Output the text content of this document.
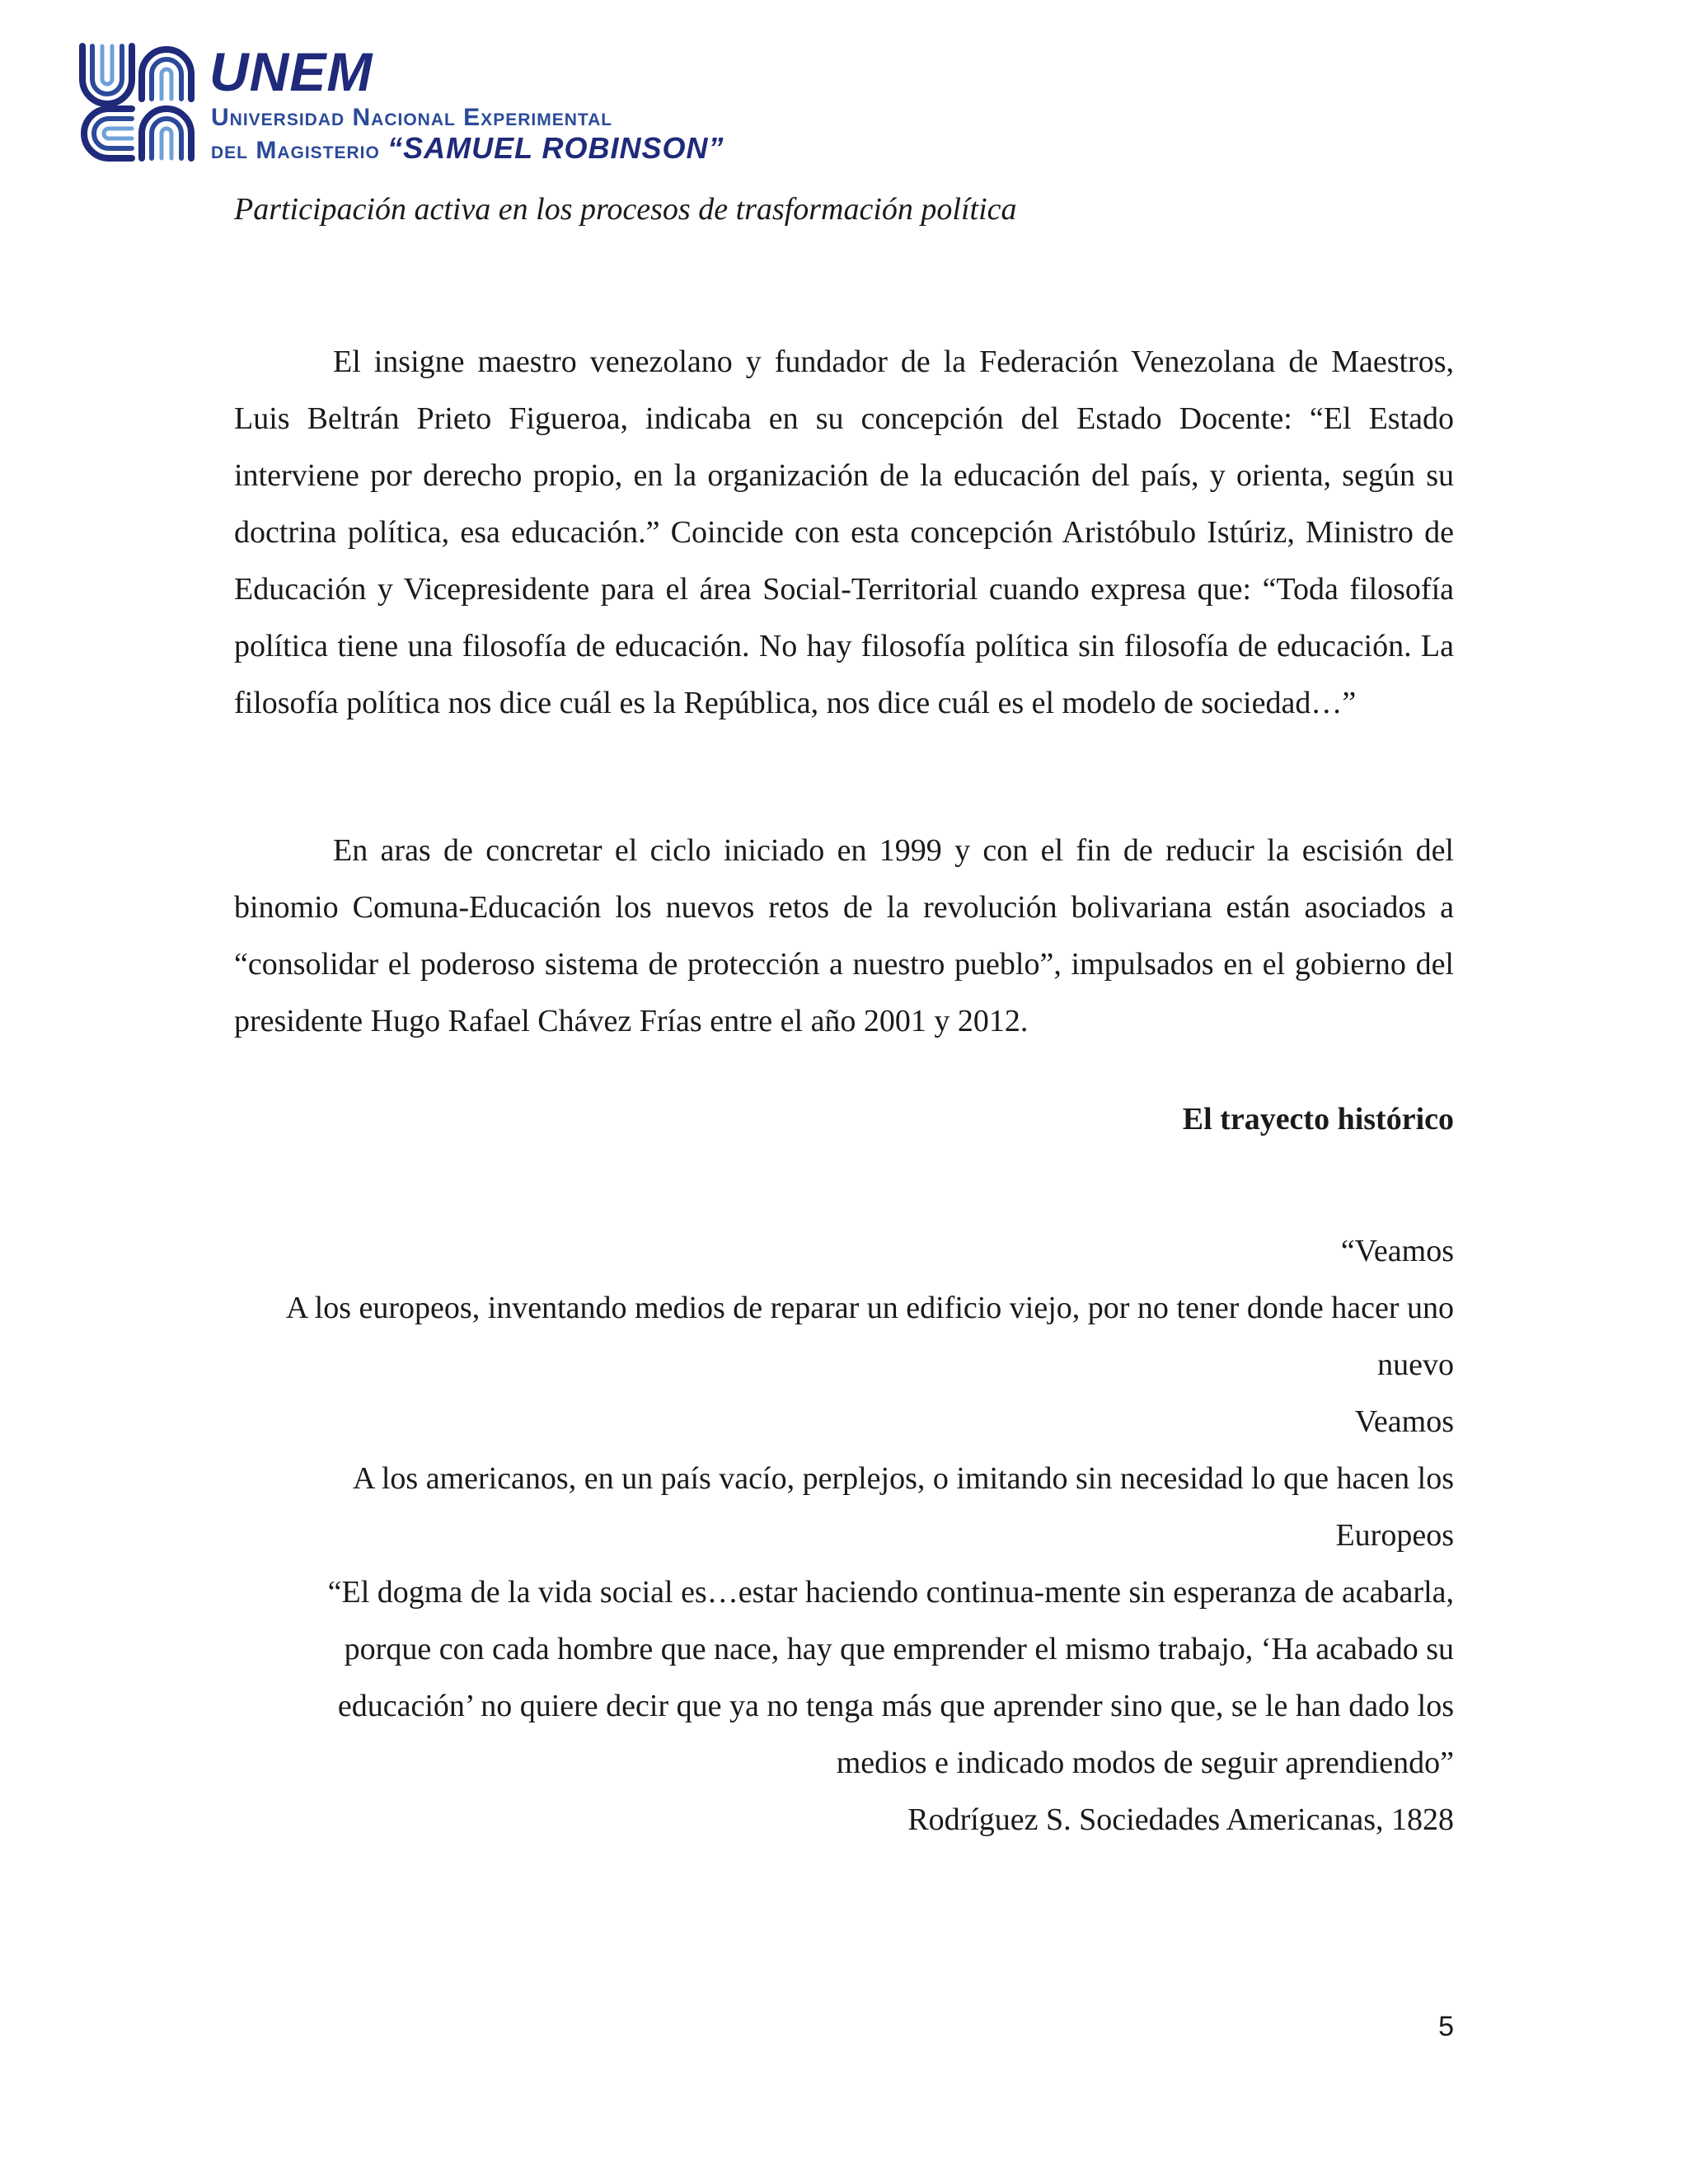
UNEM
Universidad Nacional Experimental
del Magisterio “SAMUEL ROBINSON”
Participación activa en los procesos de trasformación política

El insigne maestro venezolano y fundador de la Federación Venezolana de Maestros, Luis Beltrán Prieto Figueroa, indicaba en su concepción del Estado Docente: “El Estado interviene por derecho propio, en la organización de la educación del país, y orienta, según su doctrina política, esa educación.” Coincide con esta concepción Aristóbulo Istúriz, Ministro de Educación y Vicepresidente para el área Social-Territorial cuando expresa que: “Toda filosofía política tiene una filosofía de educación. No hay filosofía política sin filosofía de educación. La filosofía política nos dice cuál es la República, nos dice cuál es el modelo de sociedad…”

En aras de concretar el ciclo iniciado en 1999 y con el fin de reducir la escisión del binomio Comuna-Educación los nuevos retos de la revolución bolivariana están asociados a “consolidar el poderoso sistema de protección a nuestro pueblo”, impulsados en el gobierno del presidente Hugo Rafael Chávez Frías entre el año 2001 y 2012.

El trayecto histórico
“Veamos
A los europeos, inventando medios de reparar un edificio viejo, por no tener donde hacer uno nuevo
Veamos
A los americanos, en un país vacío, perplejos, o imitando sin necesidad lo que hacen los Europeos
“El dogma de la vida social es…estar haciendo continua-mente sin esperanza de acabarla, porque con cada hombre que nace, hay que emprender el mismo trabajo, ‘Ha acabado su educación’ no quiere decir que ya no tenga más que aprender sino que, se le han dado los medios e indicado modos de seguir aprendiendo”
Rodríguez S. Sociedades Americanas, 1828
5
